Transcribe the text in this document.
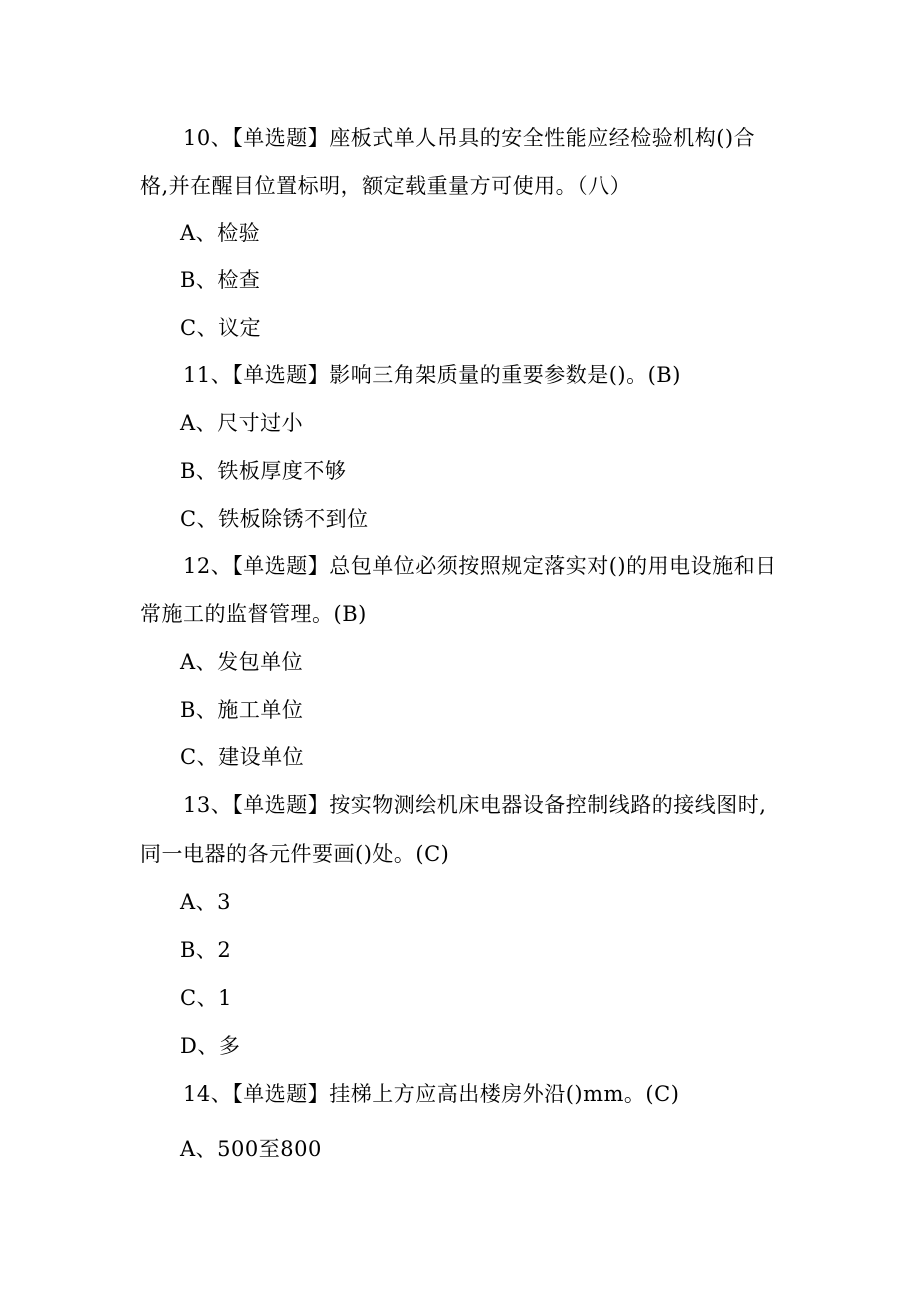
10、【单选题】座板式单人吊具的安全性能应经检验机构()合
格,并在醒目位置标明，额定载重量方可使用。（八）
A、检验
B、检查
C、议定
11、【单选题】影响三角架质量的重要参数是()。(B)
A、尺寸过小
B、铁板厚度不够
C、铁板除锈不到位
12、【单选题】总包单位必须按照规定落实对()的用电设施和日
常施工的监督管理。(B)
A、发包单位
B、施工单位
C、建设单位
13、【单选题】按实物测绘机床电器设备控制线路的接线图时,
同一电器的各元件要画()处。(C)
A、3
B、2
C、1
D、多
14、【单选题】挂梯上方应高出楼房外沿()mm。(C)
A、500至800
